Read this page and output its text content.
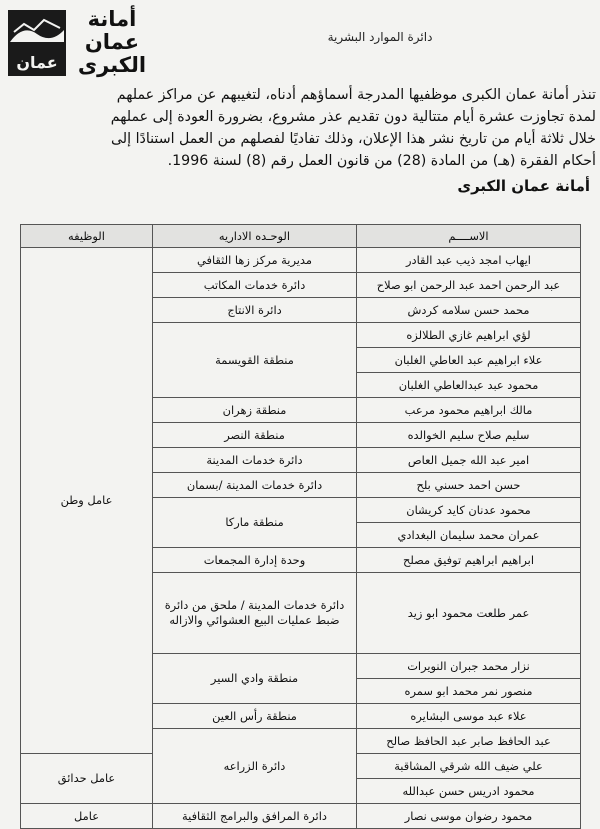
عمان
أمانة
عمان
الكبرى
دائرة الموارد البشرية
تنذر أمانة عمان الكبرى موظفيها المدرجة أسماؤهم أدناه، لتغيبهم عن مراكز عملهم
لمدة تجاوزت عشرة أيام متتالية دون تقديم عذر مشروع، بضرورة العودة إلى عملهم
خلال ثلاثة أيام من تاريخ نشر هذا الإعلان، وذلك تفاديًا لفصلهم من العمل استنادًا إلى
أحكام الفقرة (هـ) من المادة (28) من قانون العمل رقم (8) لسنة 1996.
أمانة عمان الكبرى
الاســــم	الوحـده الاداريه	الوظيفه
ايهاب امجد ذيب عبد القادر	مديرية مركز زها الثقافي	عامل وطن
عبد الرحمن احمد عبد الرحمن ابو صلاح	دائرة خدمات المكاتب	
محمد حسن سلامه كردش	دائرة الانتاج	
لؤي ابراهيم غازي الطلالزه	منطقة القويسمة	
علاء ابراهيم عبد العاطي الغلبان		
محمود عبد عبدالعاطي الغلبان		
مالك ابراهيم محمود مرعب	منطقة زهران	
سليم صلاح سليم الخوالده	منطقة النصر	
امير عبد الله جميل العاص	دائرة خدمات المدينة	
حسن احمد حسني بلح	دائرة خدمات المدينة /بسمان	
محمود عدنان كايد كريشان	منطقة ماركا	
عمران محمد سليمان البغدادي		
ابراهيم ابراهيم توفيق مصلح	وحدة إدارة المجمعات	
عمر طلعت محمود ابو زيد	دائرة خدمات المدينة / ملحق من دائرة ضبط عمليات البيع العشوائي والازاله	
نزار محمد جبران النويرات	منطقة وادي السير	
منصور نمر محمد ابو سمره		
علاء عبد موسى البشايره	منطقة رأس العين	
عبد الحافظ صابر عبد الحافظ صالح	دائرة الزراعه	
علي ضيف الله شرقي المشاقبة		عامل حدائق
محمود ادريس حسن عبدالله		
محمود رضوان موسى نصار	دائرة المرافق والبرامج الثقافية	عامل
